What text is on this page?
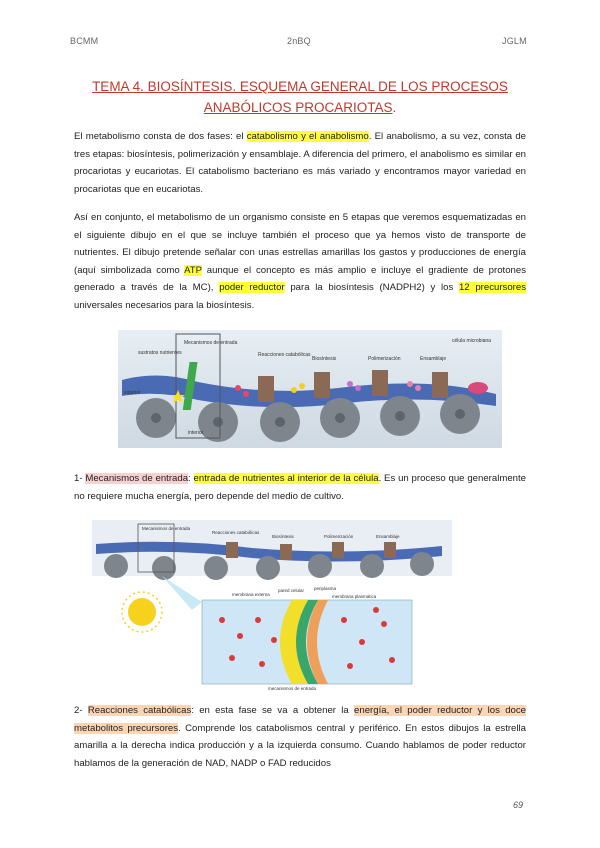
BCMM	2nBQ	JGLM
TEMA 4. BIOSÍNTESIS. ESQUEMA GENERAL DE LOS PROCESOS
ANABÓLICOS PROCARIOTAS.
El metabolismo consta de dos fases: el catabolismo y el anabolismo. El anabolismo, a su vez, consta de tres etapas: biosíntesis, polimerización y ensamblaje. A diferencia del primero, el anabolismo es similar en procariotas y eucariotas. El catabolismo bacteriano es más variado y encontramos mayor variedad en procariotas que en eucariotas.
Así en conjunto, el metabolismo de un organismo consiste en 5 etapas que veremos esquematizadas en el siguiente dibujo en el que se incluye también el proceso que ya hemos visto de transporte de nutrientes. El dibujo pretende señalar con unas estrellas amarillas los gastos y producciones de energía (aquí simbolizada como ATP aunque el concepto es más amplio e incluye el gradiente de protones generado a través de la MC), poder reductor para la biosíntesis (NADPH2) y los 12 precursores universales necesarios para la biosíntesis.
sustratos nutrientes
Mecanismos de entrada
Reacciones catabólicas
Biosíntesis	Polimerización	Ensamblaje
célula microbiana
exterior
interior
1- Mecanismos de entrada: entrada de nutrientes al interior de la célula. Es un proceso que generalmente no requiere mucha energía, pero depende del medio de cultivo.
Mecanismos de entrada
Reacciones catabólicas
Biosíntesis	Polimerización	Ensamblaje
pared celular
membrana externa
periplasma
membrana plasmática
mecanismos de entrada
2- Reacciones catabólicas: en esta fase se va a obtener la energía, el poder reductor y los doce metabolitos precursores. Comprende los catabolismos central y periférico. En estos dibujos la estrella amarilla a la derecha indica producción y a la izquierda consumo. Cuando hablamos de poder reductor hablamos de la generación de NAD, NADP o FAD reducidos
69
